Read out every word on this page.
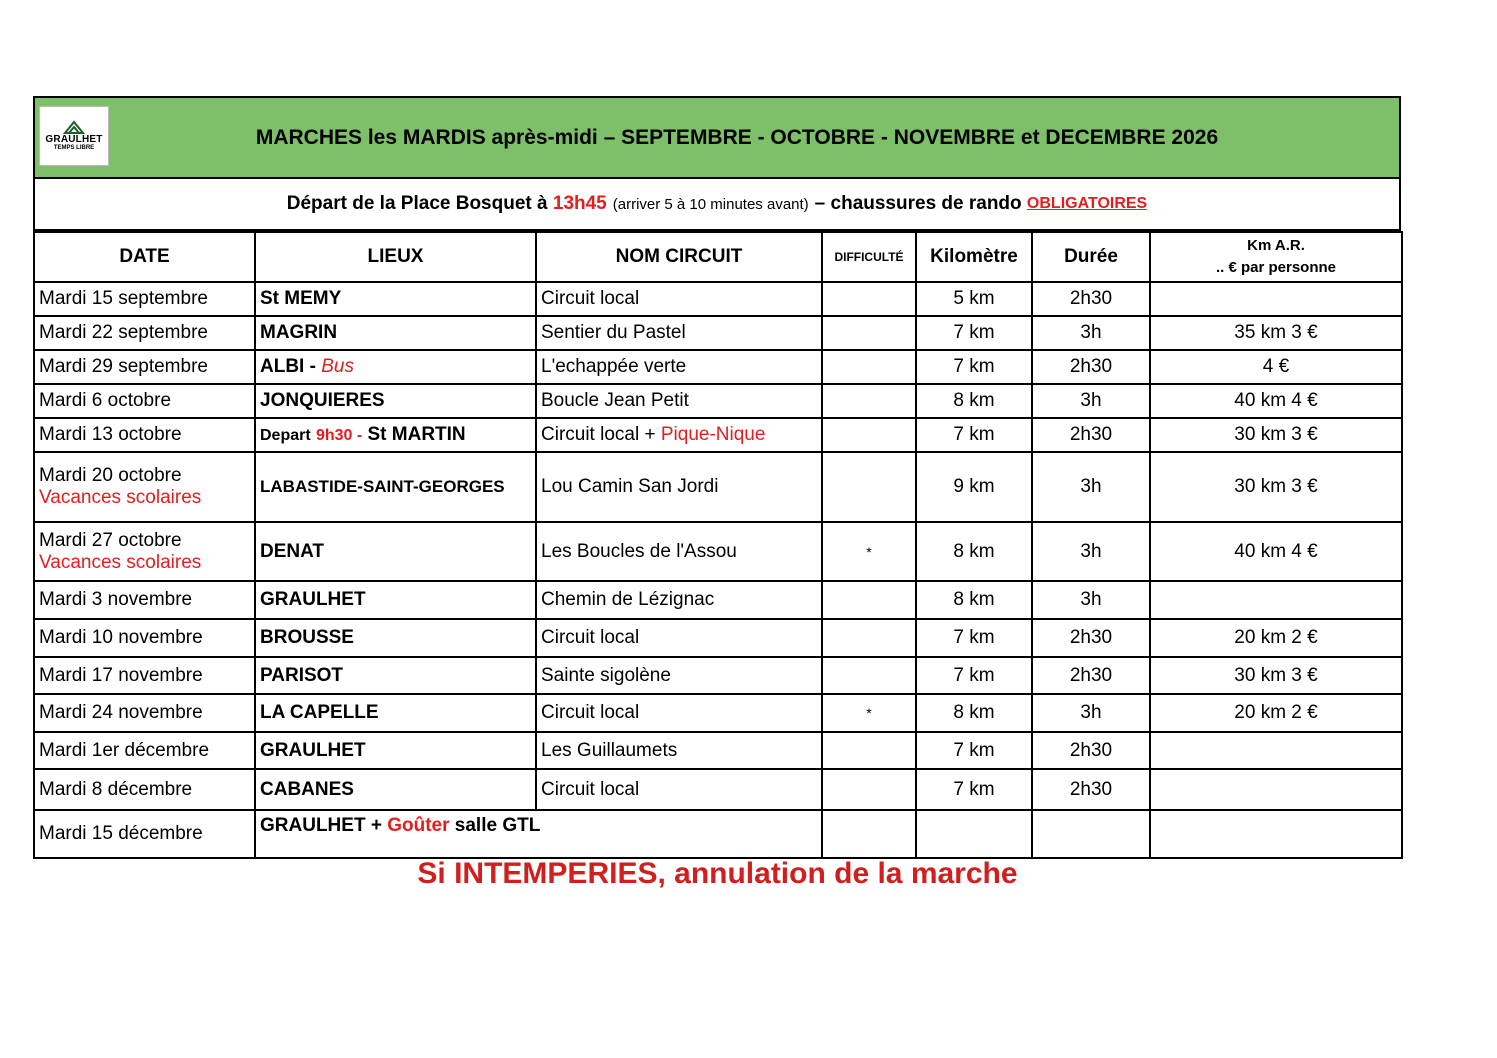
GRAULHET
TEMPS LIBRE	MARCHES les MARDIS après-midi – SEPTEMBRE - OCTOBRE - NOVEMBRE et DECEMBRE 2026
Départ de la Place Bosquet à
13h45 (arriver 5 à 10 minutes avant) – chaussures de rando
OBLIGATOIRES
DATE	LIEUX	NOM CIRCUIT	DIFFICULTÉ	Kilomètre	Durée	Km A.R.
.. € par personne

Mardi 15 septembre	St MEMY	Circuit local		5 km	2h30	
Mardi 22 septembre	MAGRIN	Sentier du Pastel		7 km	3h	35 km 3 €
Mardi 29 septembre	ALBI - Bus	L'echappée verte		7 km	2h30	4 €
Mardi 6 octobre	JONQUIERES	Boucle Jean Petit		8 km	3h	40 km 4 €
Mardi 13 octobre	Depart 9h30 - St MARTIN	Circuit local + Pique-Nique		7 km	2h30	30 km 3 €

Mardi 20 octobre
Vacances scolaires	LABASTIDE-SAINT-GEORGES	Lou Camin San Jordi		9 km	3h	30 km 3 €

Mardi 27 octobre
Vacances scolaires	DENAT	Les Boucles de l'Assou	*	8 km	3h	40 km 4 €
Mardi 3 novembre	GRAULHET	Chemin de Lézignac		8 km	3h	
Mardi 10 novembre	BROUSSE	Circuit local		7 km	2h30	20 km 2 €
Mardi 17 novembre	PARISOT	Sainte sigolène		7 km	2h30	30 km 3 €
Mardi 24 novembre	LA CAPELLE	Circuit local	*	8 km	3h	20 km 2 €
Mardi 1er décembre	GRAULHET	Les Guillaumets		7 km	2h30	
Mardi 8 décembre	CABANES	Circuit local		7 km	2h30	
Mardi 15 décembre	GRAULHET + Goûter salle GTL					
Si INTEMPERIES, annulation de la marche
